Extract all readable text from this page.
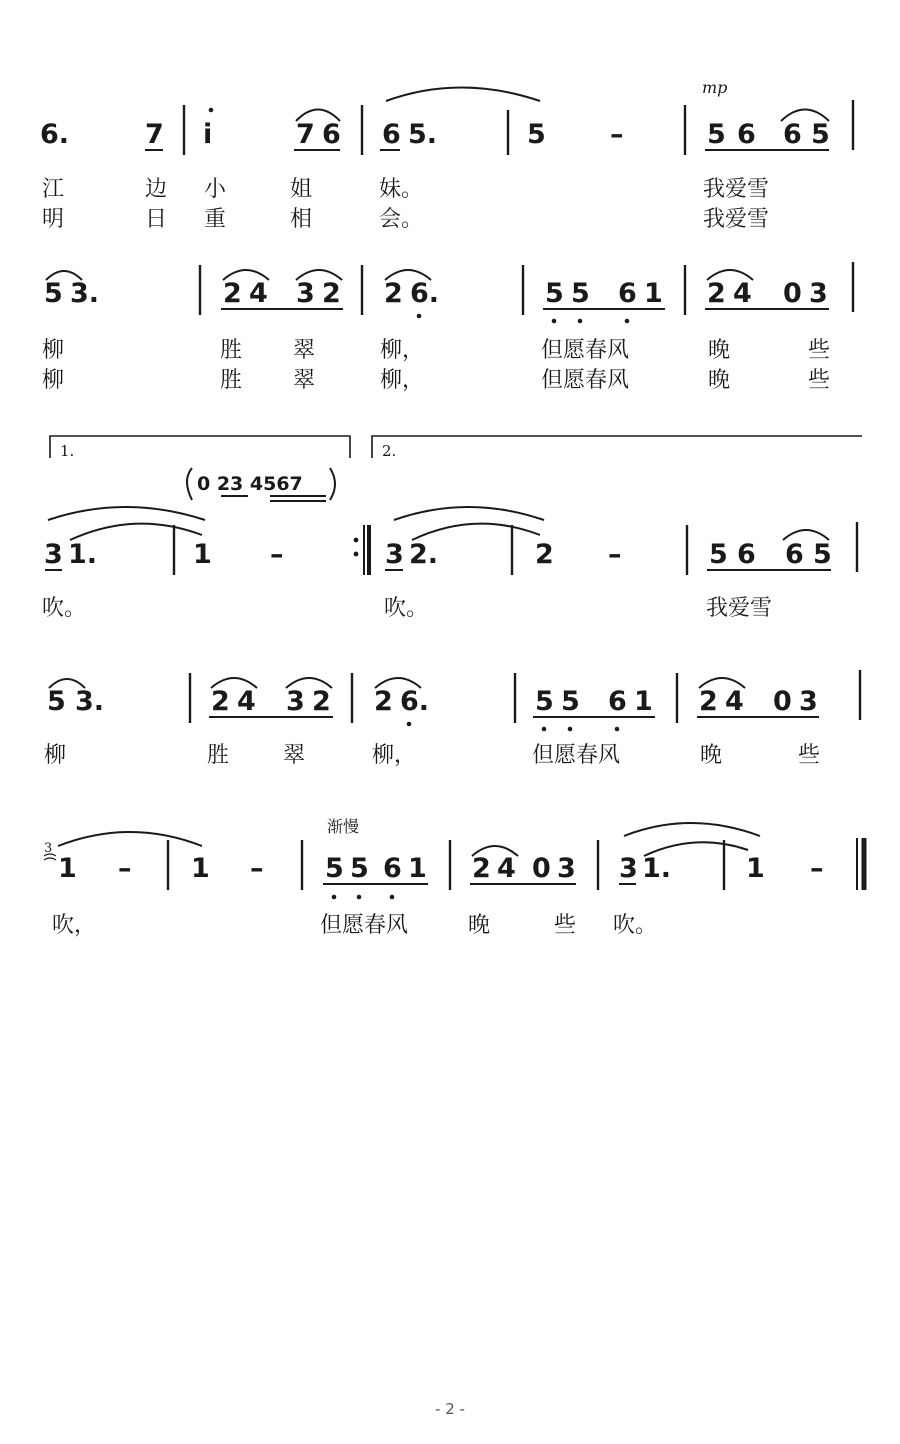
mp
6.	7 i	7 6 6 5.	5 –	5 6 6 5
江	边 小	姐	妹。	我爱雪
明	日 重	相	会。	我爱雪
5 3.	2 4 3 2 2 6.	5 5 6 1 2 4 0 3
柳	胜 翠	柳，	但愿春风	晚	些
柳	胜 翠	柳，	但愿春风	晚	些
1.	2.
0 23 4567
3 1.	1 –	3 2.	2 –	5 6 6 5
吹。	吹。	我爱雪
5 3.	2 4 3 2 2 6.	5 5 6 1 2 4 0 3
柳	胜 翠	柳，	但愿春风	晚	些
渐慢
3
1 – 1 – 5 5 6 1 2 4 0 3 3 1.	1 –
吹，	但愿春风	晚	些 吹。
- 2 -
